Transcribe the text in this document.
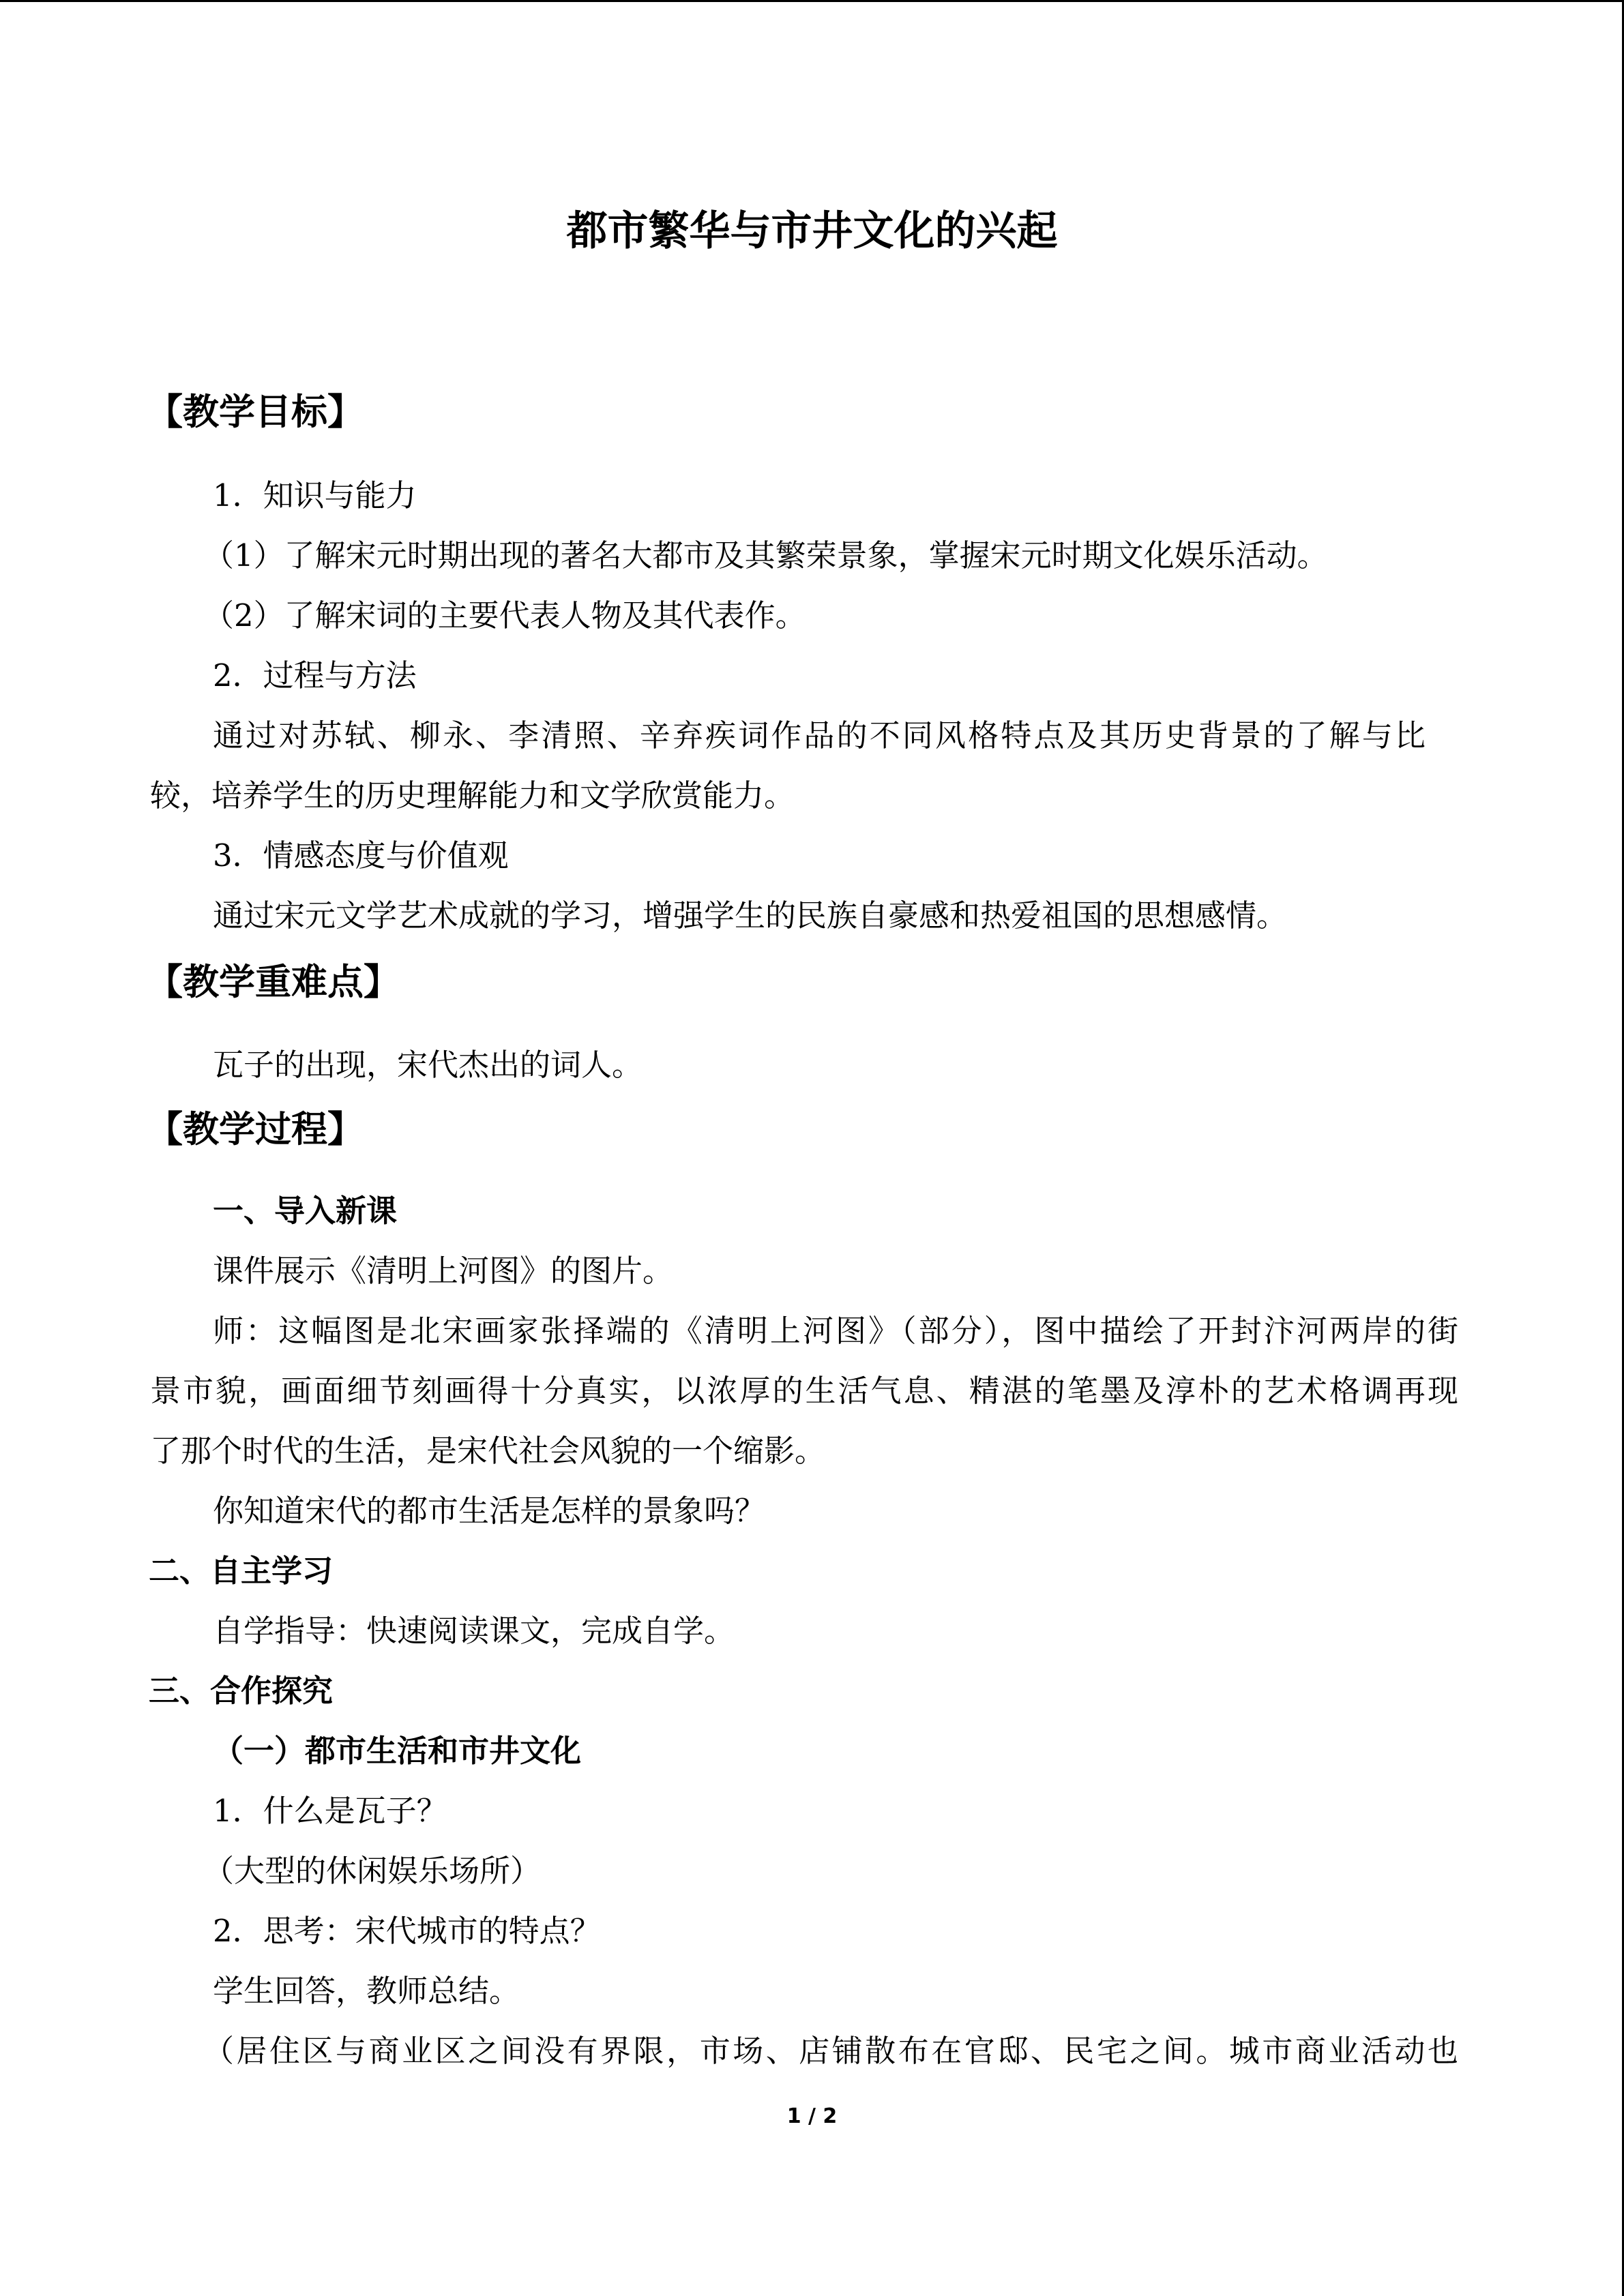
都市繁华与市井文化的兴起
【教学目标】
1．知识与能力
（1）了解宋元时期出现的著名大都市及其繁荣景象，掌握宋元时期文化娱乐活动。
（2）了解宋词的主要代表人物及其代表作。
2．过程与方法
通过对苏轼、柳永、李清照、辛弃疾词作品的不同风格特点及其历史背景的了解与比
较，培养学生的历史理解能力和文学欣赏能力。
3．情感态度与价值观
通过宋元文学艺术成就的学习，增强学生的民族自豪感和热爱祖国的思想感情。
【教学重难点】
瓦子的出现，宋代杰出的词人。
【教学过程】
一、导入新课
课件展示《清明上河图》的图片。
师：这幅图是北宋画家张择端的《清明上河图》（部分），图中描绘了开封汴河两岸的街
景市貌，画面细节刻画得十分真实，以浓厚的生活气息、精湛的笔墨及淳朴的艺术格调再现
了那个时代的生活，是宋代社会风貌的一个缩影。
你知道宋代的都市生活是怎样的景象吗？
二、自主学习
自学指导：快速阅读课文，完成自学。
三、合作探究
（一）都市生活和市井文化
1．什么是瓦子？
（大型的休闲娱乐场所）
2．思考：宋代城市的特点？
学生回答，教师总结。
（居住区与商业区之间没有界限，市场、店铺散布在官邸、民宅之间。城市商业活动也
1 / 2
